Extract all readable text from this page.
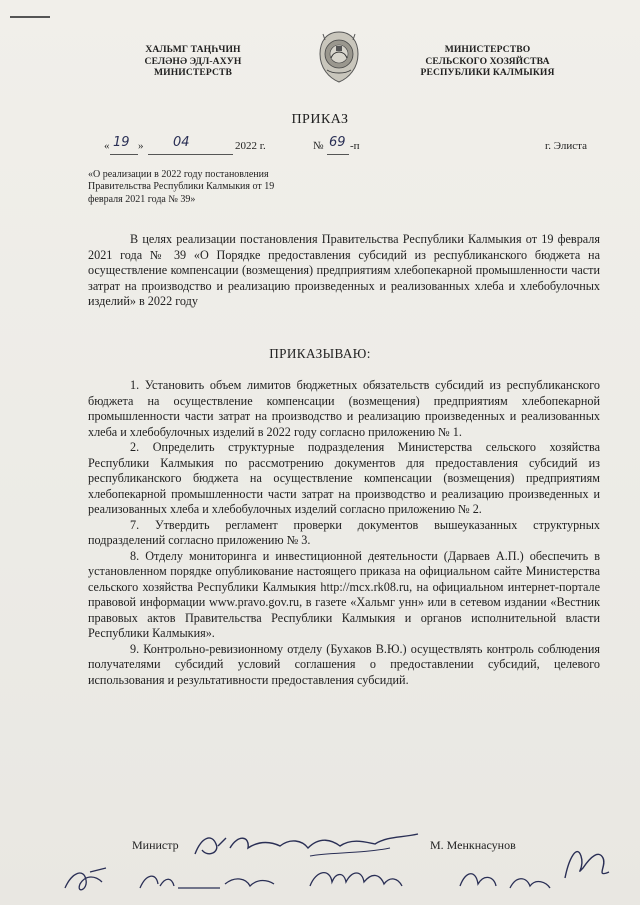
ХАЛЬМГ ТАҢҺЧИН
СЕЛӘНӘ ЭДЛ-АХУН
МИНИСТЕРСТВ
МИНИСТЕРСТВО
СЕЛЬСКОГО ХОЗЯЙСТВА
РЕСПУБЛИКИ КАЛМЫКИЯ
ПРИКАЗ
« 19 » 04	2022 г.	№ 69 -п	г. Элиста
«О реализации в 2022 году постановления
Правительства Республики Калмыкия от 19
февраля 2021 года № 39»

В целях реализации постановления Правительства Республики Калмыкия от 19 февраля 2021 года № 39 «О Порядке предоставления субсидий из республиканского бюджета на осуществление компенсации (возмещения) предприятиям хлебопекарной промышленности части затрат на производство и реализацию произведенных и реализованных хлеба и хлебобулочных изделий» в 2022 году

ПРИКАЗЫВАЮ:

1. Установить объем лимитов бюджетных обязательств субсидий из республиканского бюджета на осуществление компенсации (возмещения) предприятиям хлебопекарной промышленности части затрат на производство и реализацию произведенных и реализованных хлеба и хлебобулочных изделий в 2022 году согласно приложению № 1.

2. Определить структурные подразделения Министерства сельского хозяйства Республики Калмыкия по рассмотрению документов для предоставления субсидий из республиканского бюджета на осуществление компенсации (возмещения) предприятиям хлебопекарной промышленности части затрат на производство и реализацию произведенных и реализованных хлеба и хлебобулочных изделий согласно приложению № 2.

7. Утвердить регламент проверки документов вышеуказанных структурных подразделений согласно приложению № 3.

8. Отделу мониторинга и инвестиционной деятельности (Дарваев А.П.) обеспечить в установленном порядке опубликование настоящего приказа на официальном сайте Министерства сельского хозяйства Республики Калмыкия http://mcx.rk08.ru, на официальном интернет-портале правовой информации www.pravo.gov.ru, в газете «Хальмг унн» или в сетевом издании «Вестник правовых актов Правительства Республики Калмыкия и органов исполнительной власти Республики Калмыкия».

9. Контрольно-ревизионному отделу (Бухаков В.Ю.) осуществлять контроль соблюдения получателями субсидий условий соглашения о предоставлении субсидий, целевого использования и результативности предоставления субсидий.

Министр	М. Менкнасунов
